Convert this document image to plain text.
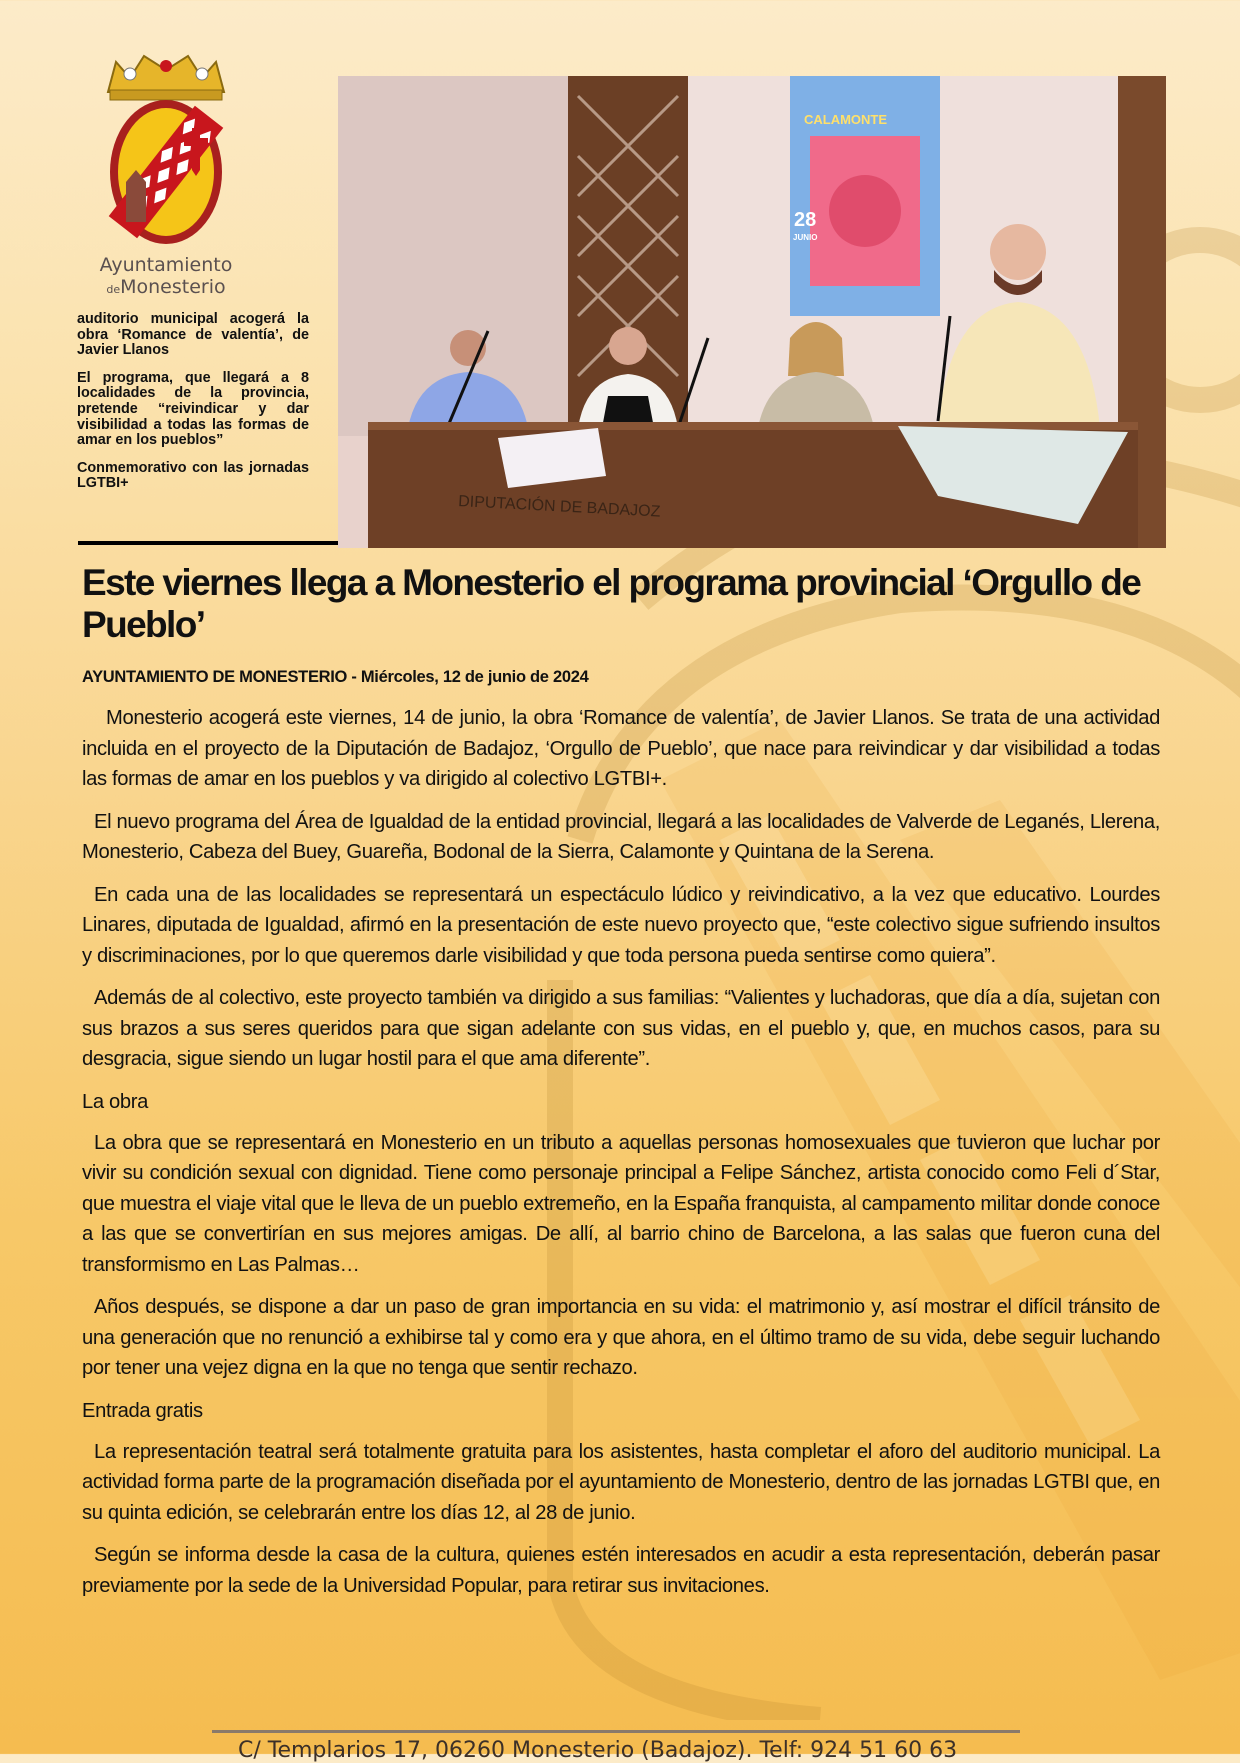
Ayuntamiento
deMonesterio

auditorio municipal acogerá la obra ‘Romance de valentía’, de Javier Llanos

El programa, que llegará a 8 localidades de la provincia, pretende “reivindicar y dar visibilidad a todas las formas de amar en los pueblos”

Conmemorativo con las jornadas LGTBI+

CALAMONTE
28
JUNIO
DIPUTACIÓN DE BADAJOZ
Este viernes llega a Monesterio el programa provincial ‘Orgullo de Pueblo’
AYUNTAMIENTO DE MONESTERIO - Miércoles, 12 de junio de 2024

Monesterio acogerá este viernes, 14 de junio, la obra ‘Romance de valentía’, de Javier Llanos. Se trata de una actividad incluida en el proyecto de la Diputación de Badajoz, ‘Orgullo de Pueblo’, que nace para reivindicar y dar visibilidad a todas las formas de amar en los pueblos y va dirigido al colectivo LGTBI+.

El nuevo programa del Área de Igualdad de la entidad provincial, llegará a las localidades de Valverde de Leganés, Llerena, Monesterio, Cabeza del Buey, Guareña, Bodonal de la Sierra, Calamonte y Quintana de la Serena.

En cada una de las localidades se representará un espectáculo lúdico y reivindicativo, a la vez que educativo. Lourdes Linares, diputada de Igualdad, afirmó en la presentación de este nuevo proyecto que, “este colectivo sigue sufriendo insultos y discriminaciones, por lo que queremos darle visibilidad y que toda persona pueda sentirse como quiera”.

Además de al colectivo, este proyecto también va dirigido a sus familias: “Valientes y luchadoras, que día a día, sujetan con sus brazos a sus seres queridos para que sigan adelante con sus vidas, en el pueblo y, que, en muchos casos, para su desgracia, sigue siendo un lugar hostil para el que ama diferente”.

La obra

La obra que se representará en Monesterio en un tributo a aquellas personas homosexuales que tuvieron que luchar por vivir su condición sexual con dignidad. Tiene como personaje principal a Felipe Sánchez, artista conocido como Feli d´Star, que muestra el viaje vital que le lleva de un pueblo extremeño, en la España franquista, al campamento militar donde conoce a las que se convertirían en sus mejores amigas. De allí, al barrio chino de Barcelona, a las salas que fueron cuna del transformismo en Las Palmas…

Años después, se dispone a dar un paso de gran importancia en su vida: el matrimonio y, así mostrar el difícil tránsito de una generación que no renunció a exhibirse tal y como era y que ahora, en el último tramo de su vida, debe seguir luchando por tener una vejez digna en la que no tenga que sentir rechazo.

Entrada gratis

La representación teatral será totalmente gratuita para los asistentes, hasta completar el aforo del auditorio municipal. La actividad forma parte de la programación diseñada por el ayuntamiento de Monesterio, dentro de las jornadas LGTBI que, en su quinta edición, se celebrarán entre los días 12, al 28 de junio.

Según se informa desde la casa de la cultura, quienes estén interesados en acudir a esta representación, deberán pasar previamente por la sede de la Universidad Popular, para retirar sus invitaciones.

C/ Templarios 17, 06260 Monesterio (Badajoz). Telf: 924 51 60 63
